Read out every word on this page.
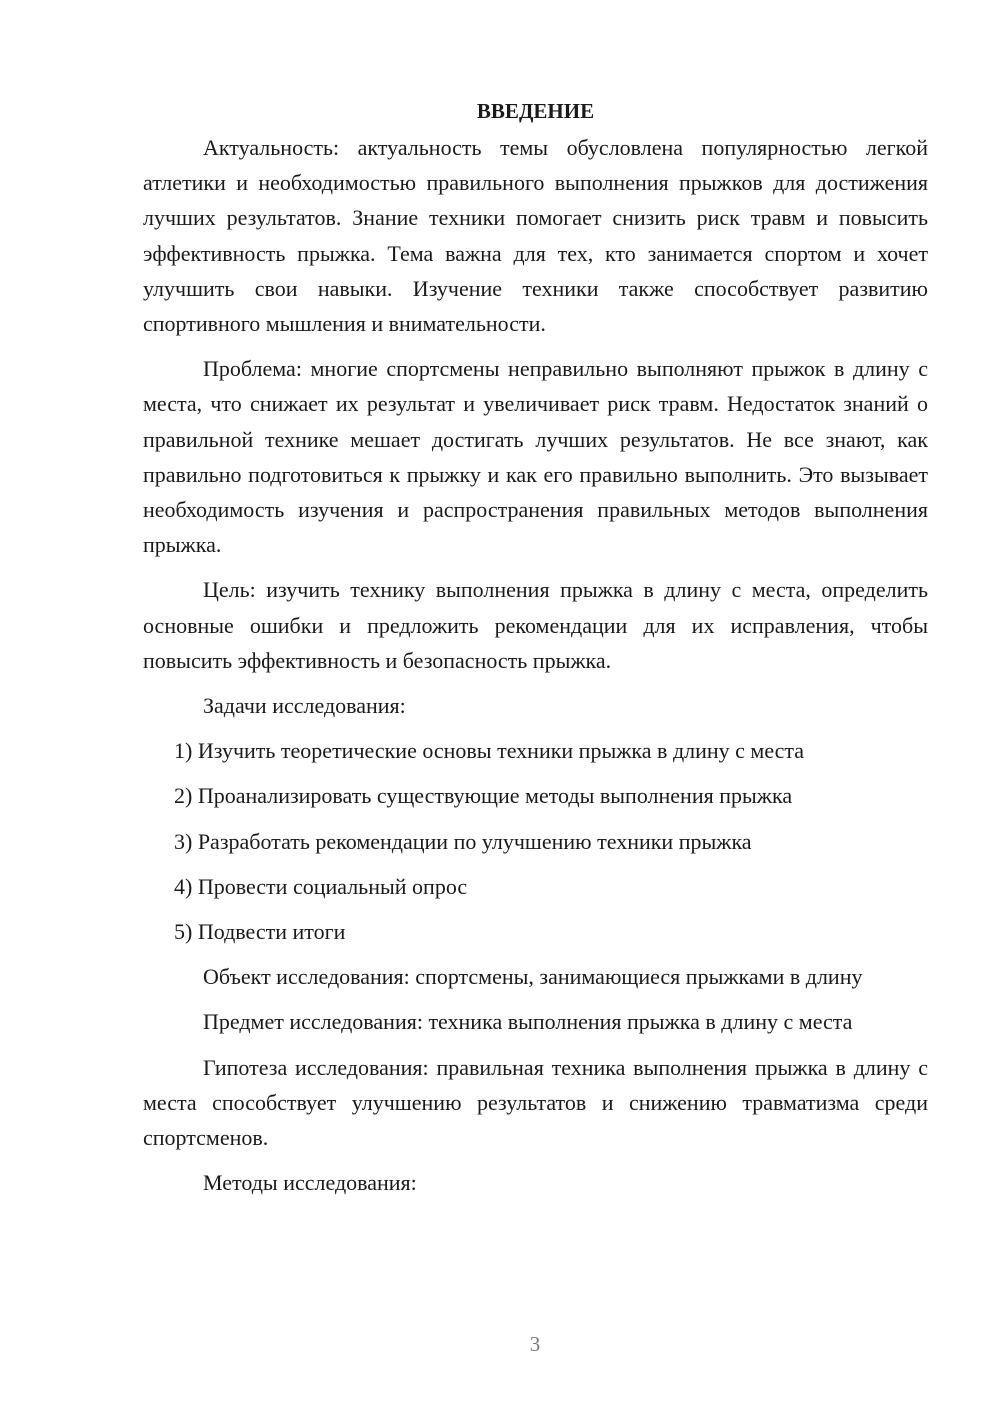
ВВЕДЕНИЕ

Актуальность: актуальность темы обусловлена популярностью легкой атлетики и необходимостью правильного выполнения прыжков для достижения лучших результатов. Знание техники помогает снизить риск травм и повысить эффективность прыжка. Тема важна для тех, кто занимается спортом и хочет улучшить свои навыки. Изучение техники также способствует развитию спортивного мышления и внимательности.

Проблема: многие спортсмены неправильно выполняют прыжок в длину с места, что снижает их результат и увеличивает риск травм. Недостаток знаний о правильной технике мешает достигать лучших результатов. Не все знают, как правильно подготовиться к прыжку и как его правильно выполнить. Это вызывает необходимость изучения и распространения правильных методов выполнения прыжка.

Цель: изучить технику выполнения прыжка в длину с места, определить основные ошибки и предложить рекомендации для их исправления, чтобы повысить эффективность и безопасность прыжка.

Задачи исследования:

1) Изучить теоретические основы техники прыжка в длину с места

2) Проанализировать существующие методы выполнения прыжка

3) Разработать рекомендации по улучшению техники прыжка

4) Провести социальный опрос

5) Подвести итоги

Объект исследования: спортсмены, занимающиеся прыжками в длину

Предмет исследования: техника выполнения прыжка в длину с места

Гипотеза исследования: правильная техника выполнения прыжка в длину с места способствует улучшению результатов и снижению травматизма среди спортсменов.

Методы исследования:

3
